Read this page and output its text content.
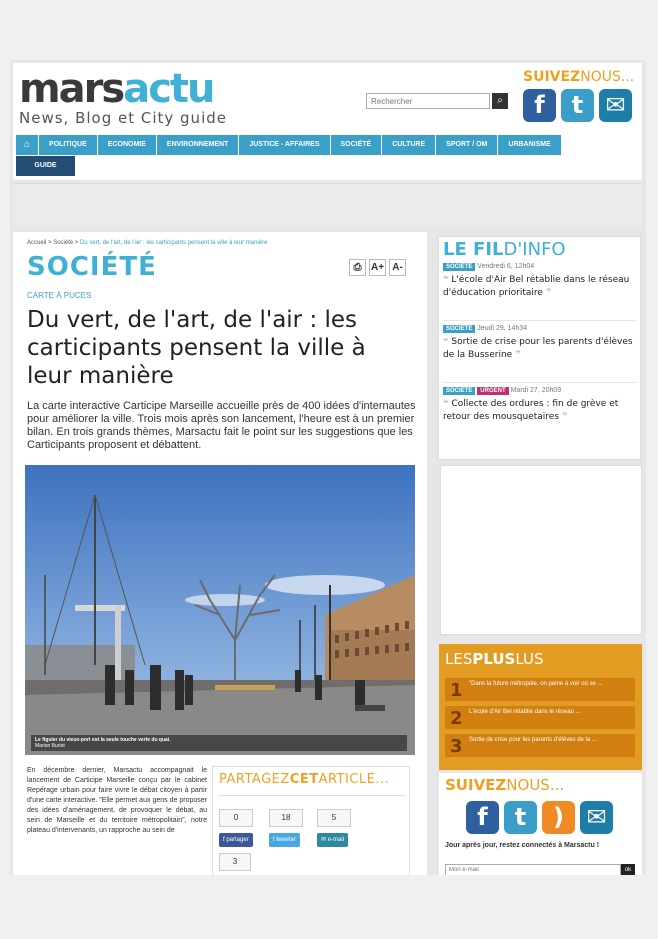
marsactu
News, Blog et City guide
Rechercher
⌕
SUIVEZNOUS...
f	t ✉
⌂	POLITIQUE	ECONOMIE	ENVIRONNEMENT	JUSTICE - AFFAIRES	SOCIÉTÉ	CULTURE	SPORT / OM	URBANISME
GUIDE
Accueil > Société > Du vert, de l'art, de l'air : les carticipants pensent la ville à leur manière
SOCIÉTÉ	⎙ A+ A-
CARTE À PUCES
Du vert, de l'art, de l'air : les carticipants pensent la ville à leur manière

La carte interactive Carticipe Marseille accueille près de 400 idées d'internautes pour améliorer la ville. Trois mois après son lancement, l'heure est à un premier bilan. En trois grands thèmes, Marsactu fait le point sur les suggestions que les Carticipants proposent et débattent.

Le figuier du vieux-port est la seule touche verte du quai.
Marion Buriot

En décembre dernier, Marsactu accompagnait le lancement de Carticipe Marseille conçu par le cabinet Repérage urbain pour faire vivre le débat citoyen à partir d'une carte interactive. "Elle permet aux gens de proposer des idées d'aménagement, de provoquer le débat, au sein de Marseille et du territoire métropolitain", notre plateau d'intervenants, un rapproche au sein de

PARTAGEZCETARTICLE...
0	18	5
f partager	t tweeter	✉ e-mail
3
LE FILD'INFO
SOCIÉTÉ Vendredi 6, 12h04
❝ L'école d'Air Bel rétablie dans le réseau d'éducation prioritaire ❞
SOCIÉTÉ Jeudi 29, 14h34
❝ Sortie de crise pour les parents d'élèves de la Busserine ❞
SOCIÉTÉ URGENT Mardi 27, 20h09
❝ Collecte des ordures : fin de grève et retour des mousquetaires ❞
LESPLUSLUS
1 "Dans la future métropole, on peine à voir où se ...
2 L'école d'Air Bel rétablie dans le réseau ...
3 Sortie de crise pour les parents d'élèves de la ...
SUIVEZNOUS...
f	t	) ✉
Jour après jour, restez connectés à Marsactu !
Mon e-mail
ok
